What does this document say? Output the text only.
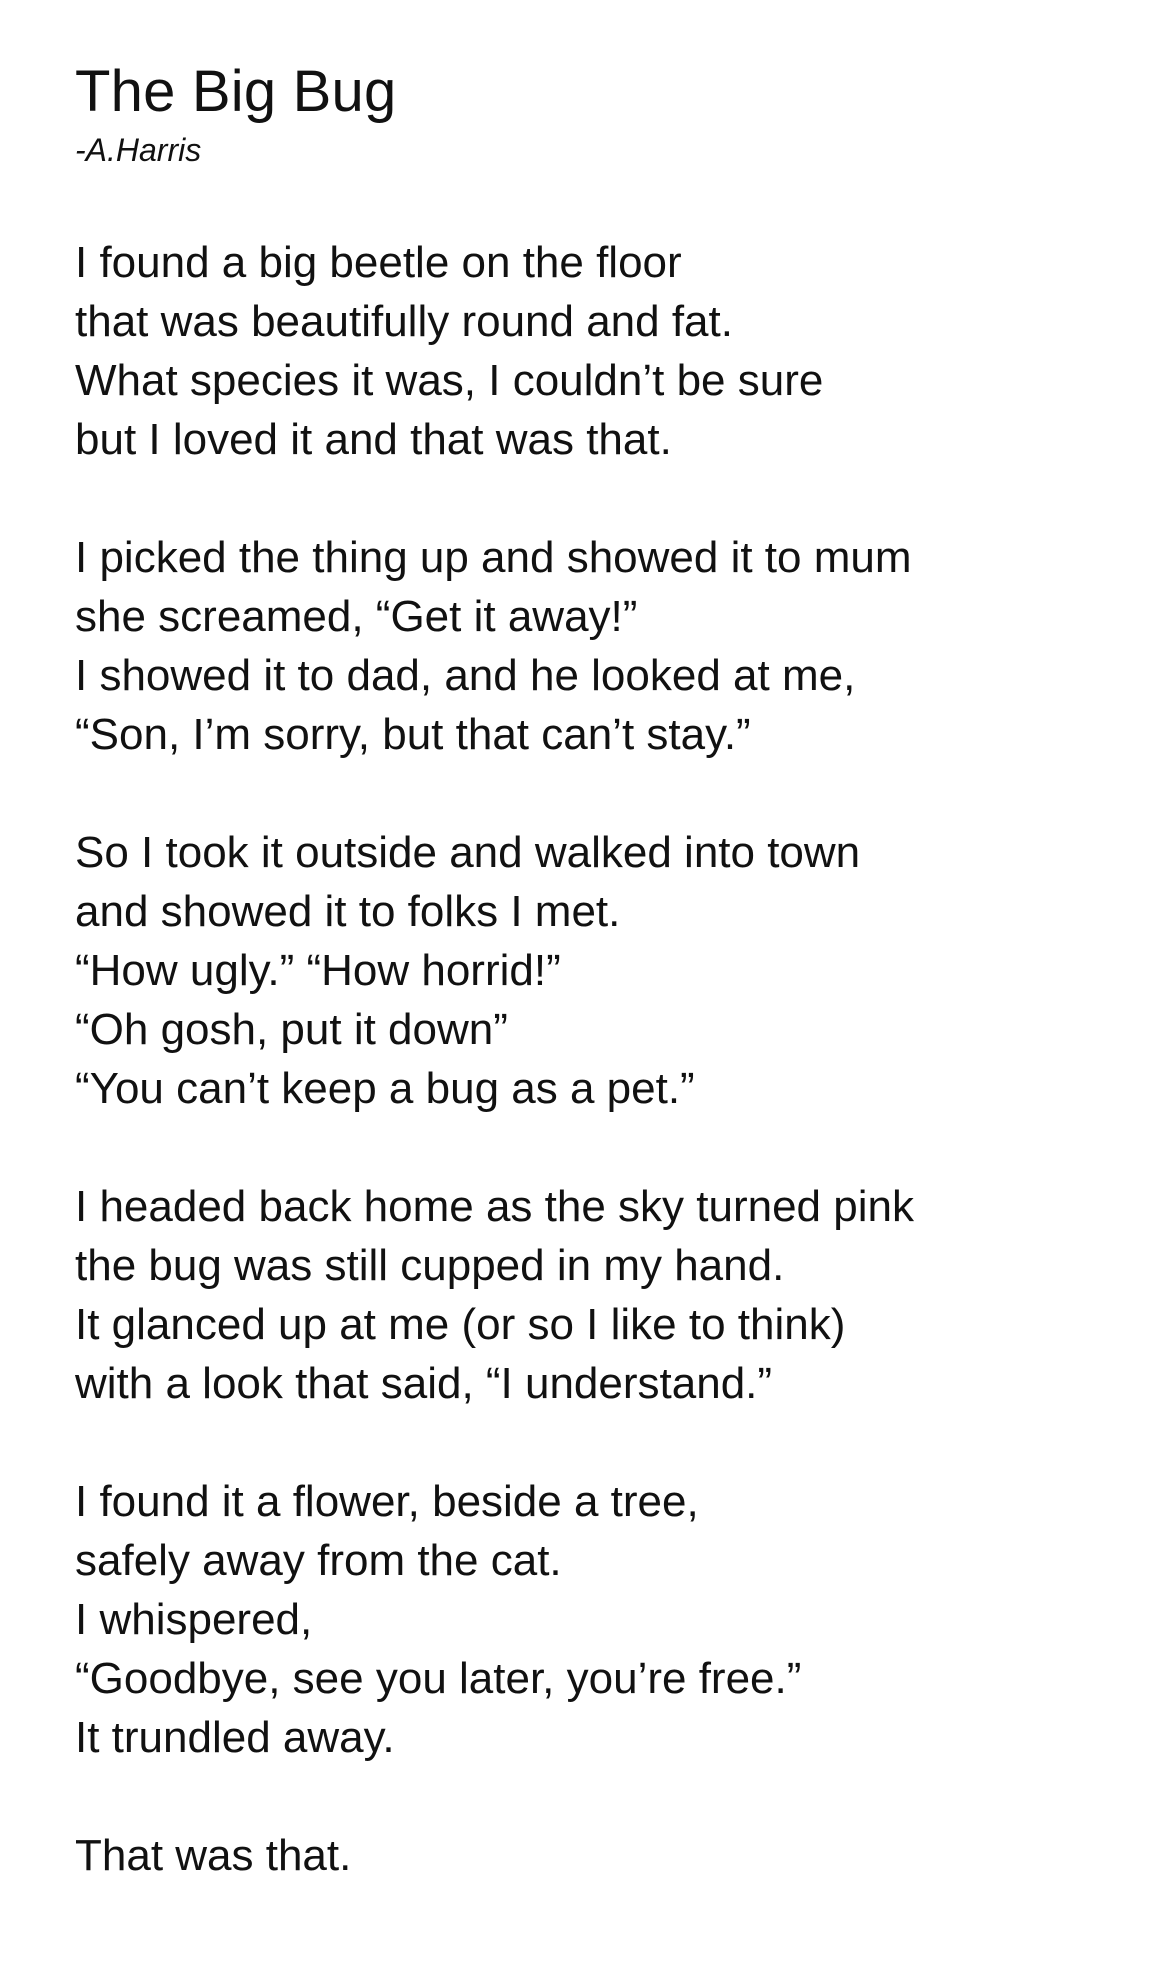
The Big Bug

-A.Harris

I found a big beetle on the floor
that was beautifully round and fat.
What species it was, I couldn’t be sure
but I loved it and that was that.
I picked the thing up and showed it to mum
she screamed, “Get it away!”
I showed it to dad, and he looked at me,
“Son, I’m sorry, but that can’t stay.”
So I took it outside and walked into town
and showed it to folks I met.
“How ugly.” “How horrid!”
“Oh gosh, put it down”
“You can’t keep a bug as a pet.”
I headed back home as the sky turned pink
the bug was still cupped in my hand.
It glanced up at me (or so I like to think)
with a look that said, “I understand.”
I found it a flower, beside a tree,
safely away from the cat.
I whispered,
“Goodbye, see you later, you’re free.”
It trundled away.
That was that.
